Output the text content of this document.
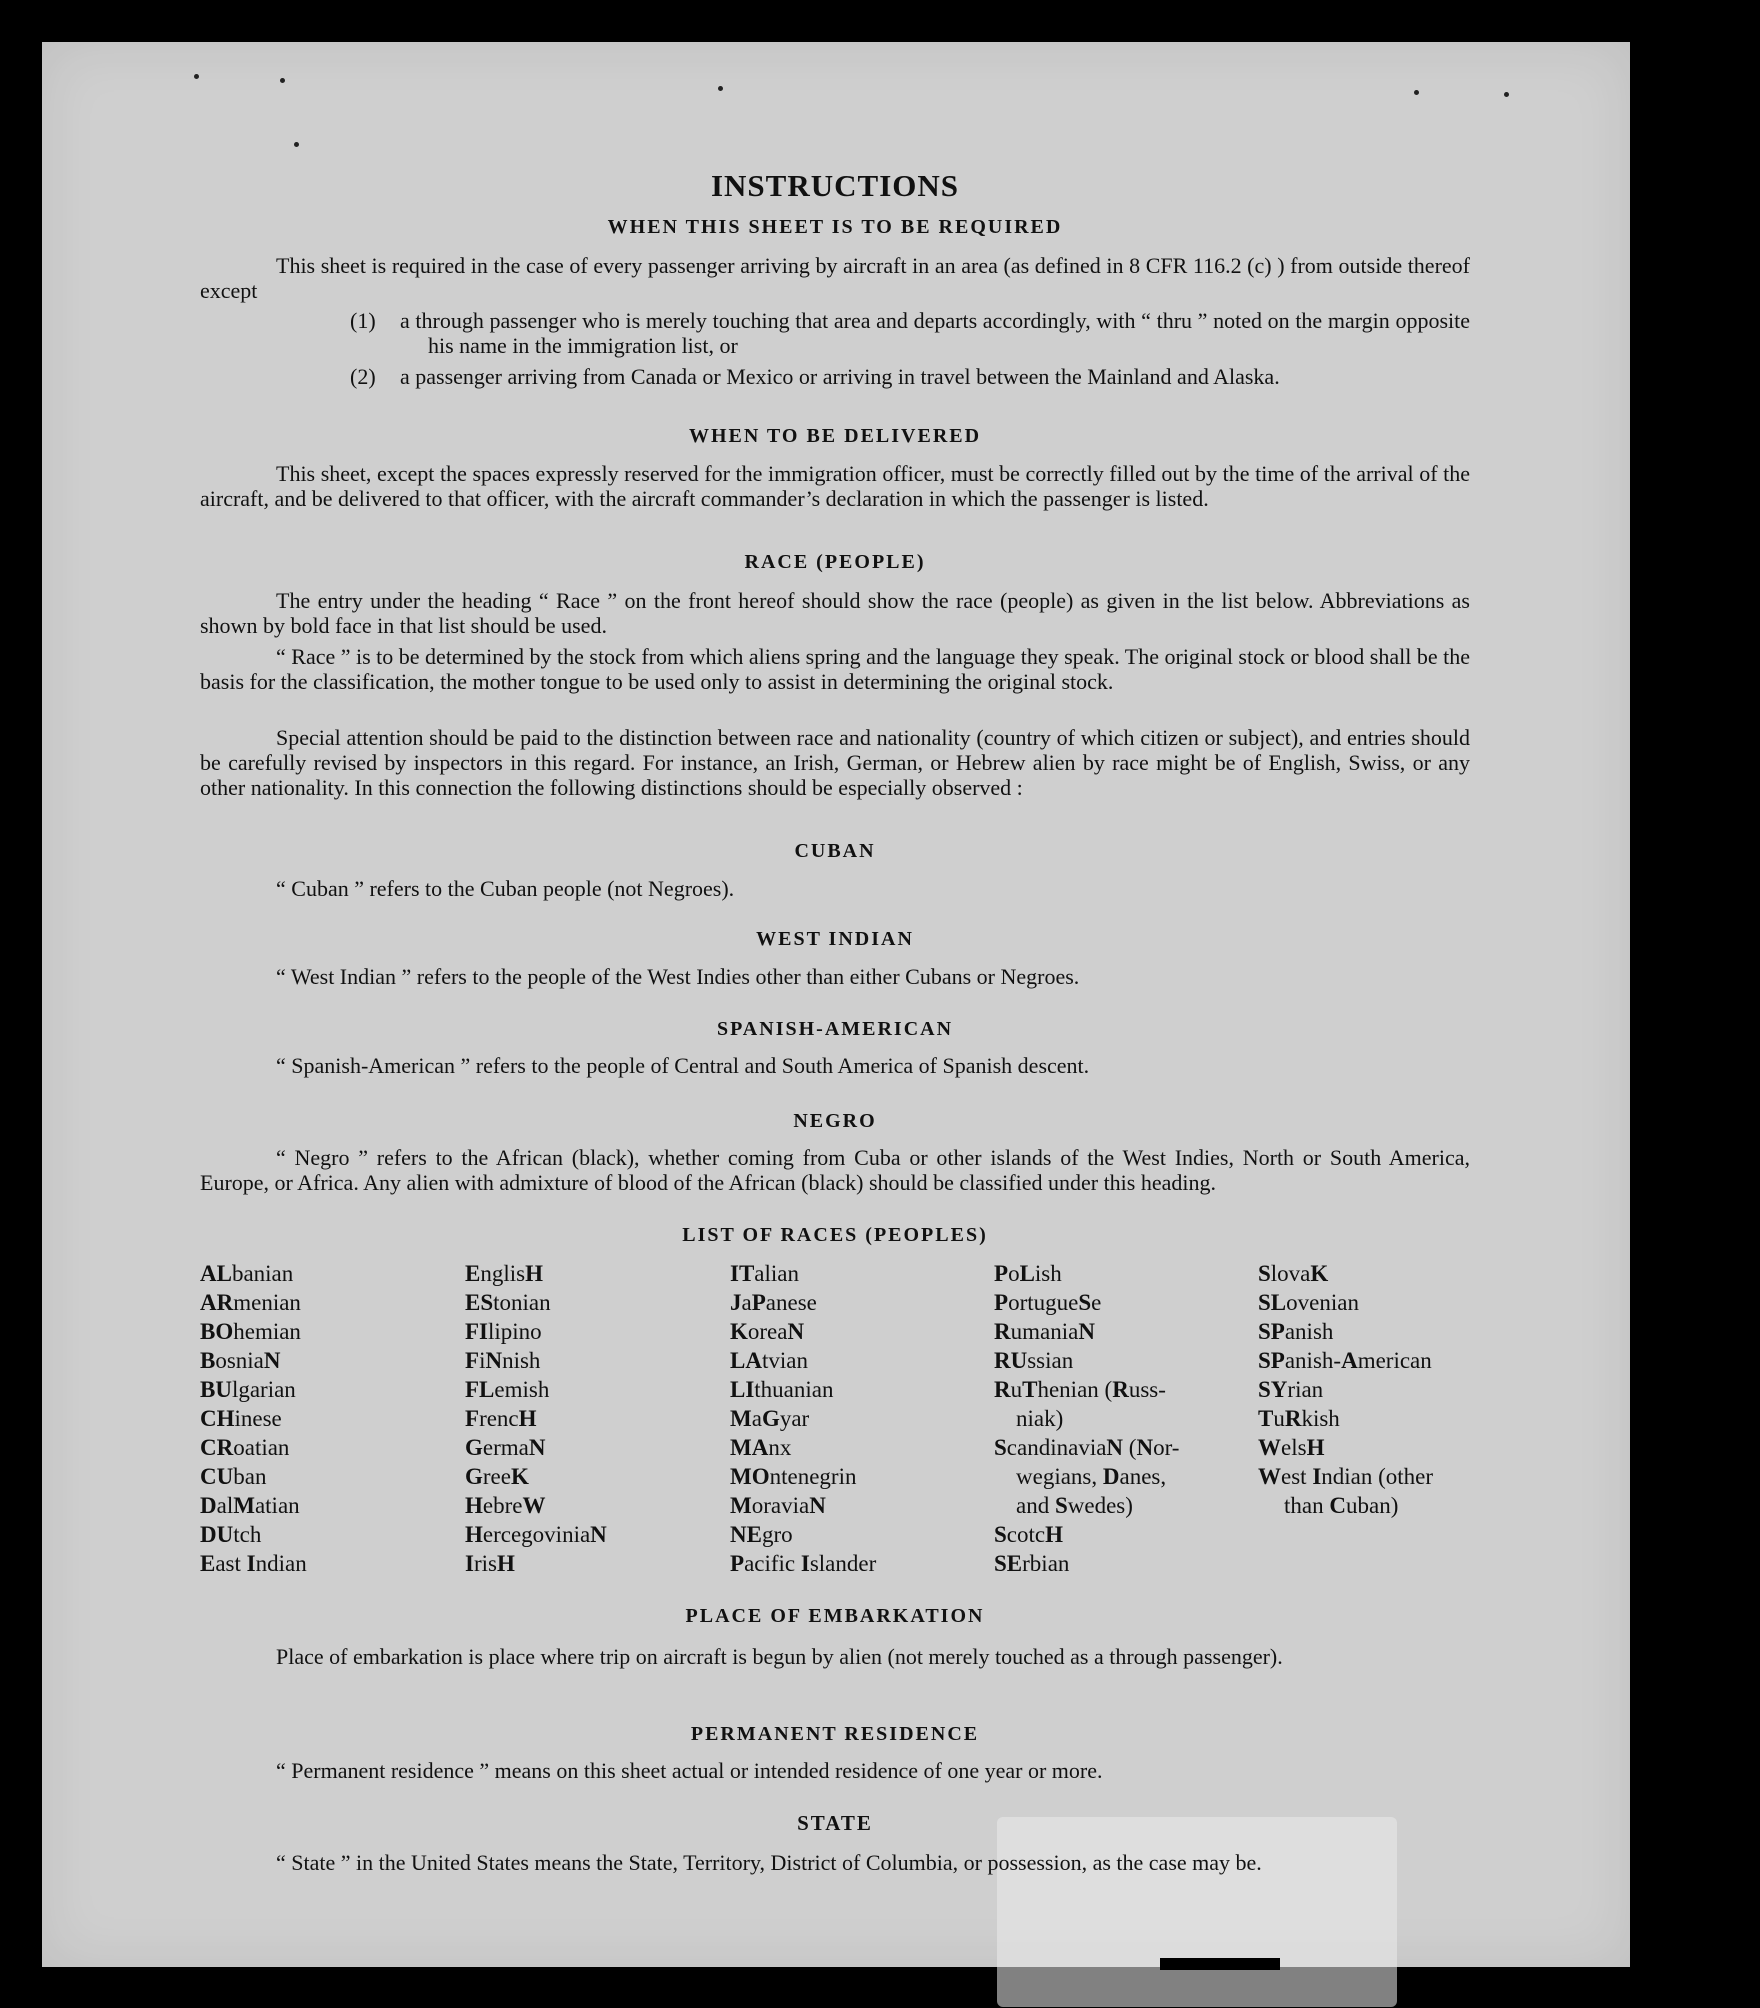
INSTRUCTIONS
WHEN THIS SHEET IS TO BE REQUIRED
This sheet is required in the case of every passenger arriving by aircraft in an area (as defined in 8 CFR 116.2 (c) ) from outside thereof except
(1) a through passenger who is merely touching that area and departs accordingly, with “ thru ” noted on the margin opposite his name in the immigration list, or
(2) a passenger arriving from Canada or Mexico or arriving in travel between the Mainland and Alaska.
WHEN TO BE DELIVERED
This sheet, except the spaces expressly reserved for the immigration officer, must be correctly filled out by the time of the arrival of the aircraft, and be delivered to that officer, with the aircraft commander’s declaration in which the passenger is listed.
RACE (PEOPLE)
The entry under the heading “ Race ” on the front hereof should show the race (people) as given in the list below. Abbreviations as shown by bold face in that list should be used.
“ Race ” is to be determined by the stock from which aliens spring and the language they speak. The original stock or blood shall be the basis for the classification, the mother tongue to be used only to assist in determining the original stock.
Special attention should be paid to the distinction between race and nationality (country of which citizen or subject), and entries should be carefully revised by inspectors in this regard. For instance, an Irish, German, or Hebrew alien by race might be of English, Swiss, or any other nationality. In this connection the following distinctions should be especially observed :
CUBAN
“ Cuban ” refers to the Cuban people (not Negroes).
WEST INDIAN
“ West Indian ” refers to the people of the West Indies other than either Cubans or Negroes.
SPANISH-AMERICAN
“ Spanish-American ” refers to the people of Central and South America of Spanish descent.
NEGRO
“ Negro ” refers to the African (black), whether coming from Cuba or other islands of the West Indies, North or South America, Europe, or Africa. Any alien with admixture of blood of the African (black) should be classified under this heading.
LIST OF RACES (PEOPLES)
ALbanian
ARmenian
BOhemian
BosniaN
BUlgarian
CHinese
CRoatian
CUban
DalMatian
DUtch
East Indian
EnglisH
EStonian
FIlipino
FiNnish
FLemish
FrencH
GermaN
GreeK
HebreW
HercegoviniaN
IrisH
ITalian
JaPanese
KoreaN
LAtvian
LIthuanian
MaGyar
MAnx
MOntenegrin
MoraviaN
NEgro
Pacific Islander
PoLish
PortugueSe
RumaniaN
RUssian
RuThenian (Russ-
niak)
ScandinaviaN (Nor-
wegians, Danes,
and Swedes)
ScotcH
SErbian
SlovaK
SLovenian
SPanish
SPanish-American
SYrian
TuRkish
WelsH
West Indian (other
than Cuban)
PLACE OF EMBARKATION
Place of embarkation is place where trip on aircraft is begun by alien (not merely touched as a through passenger).
PERMANENT RESIDENCE
“ Permanent residence ” means on this sheet actual or intended residence of one year or more.
STATE
“ State ” in the United States means the State, Territory, District of Columbia, or possession, as the case may be.
